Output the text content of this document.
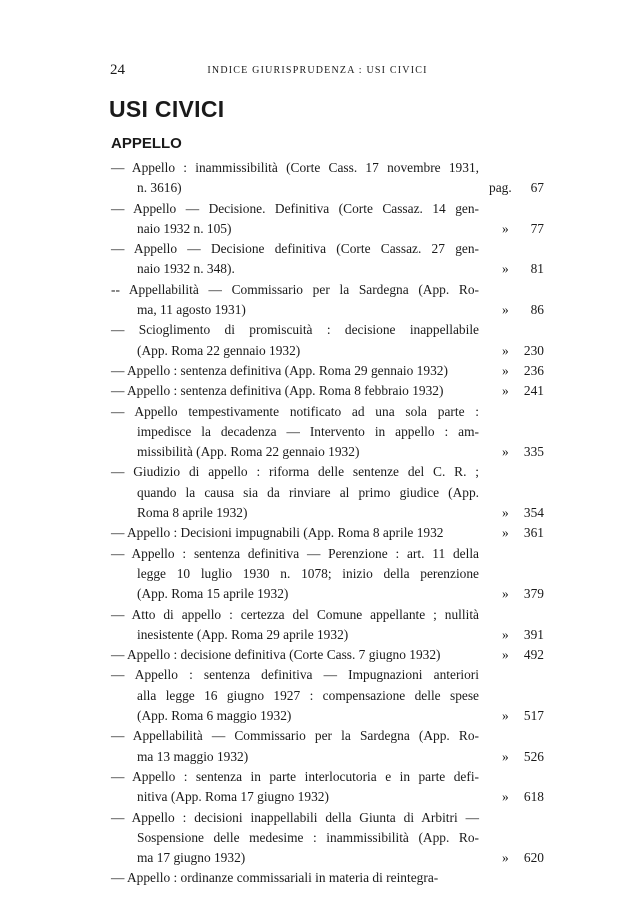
24	INDICE GIURISPRUDENZA : USI CIVICI
USI CIVICI
APPELLO
— Appello : inammissibilità (Corte Cass. 17 novembre 1931,
n. 3616)	pag. 67
— Appello — Decisione. Definitiva (Corte Cassaz. 14 gen-
naio 1932 n. 105)	» 77
— Appello — Decisione definitiva (Corte Cassaz. 27 gen-
naio 1932 n. 348).	» 81
-- Appellabilità — Commissario per la Sardegna (App. Ro-
ma, 11 agosto 1931)	» 86
— Scioglimento di promiscuità : decisione inappellabile
(App. Roma 22 gennaio 1932)	» 230
— Appello : sentenza definitiva (App. Roma 29 gennaio 1932)	» 236
— Appello : sentenza definitiva (App. Roma 8 febbraio 1932)	» 241
— Appello tempestivamente notificato ad una sola parte :
impedisce la decadenza — Intervento in appello : am-
missibilità (App. Roma 22 gennaio 1932)	» 335
— Giudizio di appello : riforma delle sentenze del C. R. ;
quando la causa sia da rinviare al primo giudice (App.
Roma 8 aprile 1932)	» 354
— Appello : Decisioni impugnabili (App. Roma 8 aprile 1932	» 361
— Appello : sentenza definitiva — Perenzione : art. 11 della
legge 10 luglio 1930 n. 1078; inizio della perenzione
(App. Roma 15 aprile 1932)	» 379
— Atto di appello : certezza del Comune appellante ; nullità
inesistente (App. Roma 29 aprile 1932)	» 391
— Appello : decisione definitiva (Corte Cass. 7 giugno 1932)	» 492
— Appello : sentenza definitiva — Impugnazioni anteriori
alla legge 16 giugno 1927 : compensazione delle spese
(App. Roma 6 maggio 1932)	» 517
— Appellabilità — Commissario per la Sardegna (App. Ro-
ma 13 maggio 1932)	» 526
— Appello : sentenza in parte interlocutoria e in parte defi-
nitiva (App. Roma 17 giugno 1932)	» 618
— Appello : decisioni inappellabili della Giunta di Arbitri —
Sospensione delle medesime : inammissibilità (App. Ro-
ma 17 giugno 1932)	» 620
— Appello : ordinanze commissariali in materia di reintegra-
